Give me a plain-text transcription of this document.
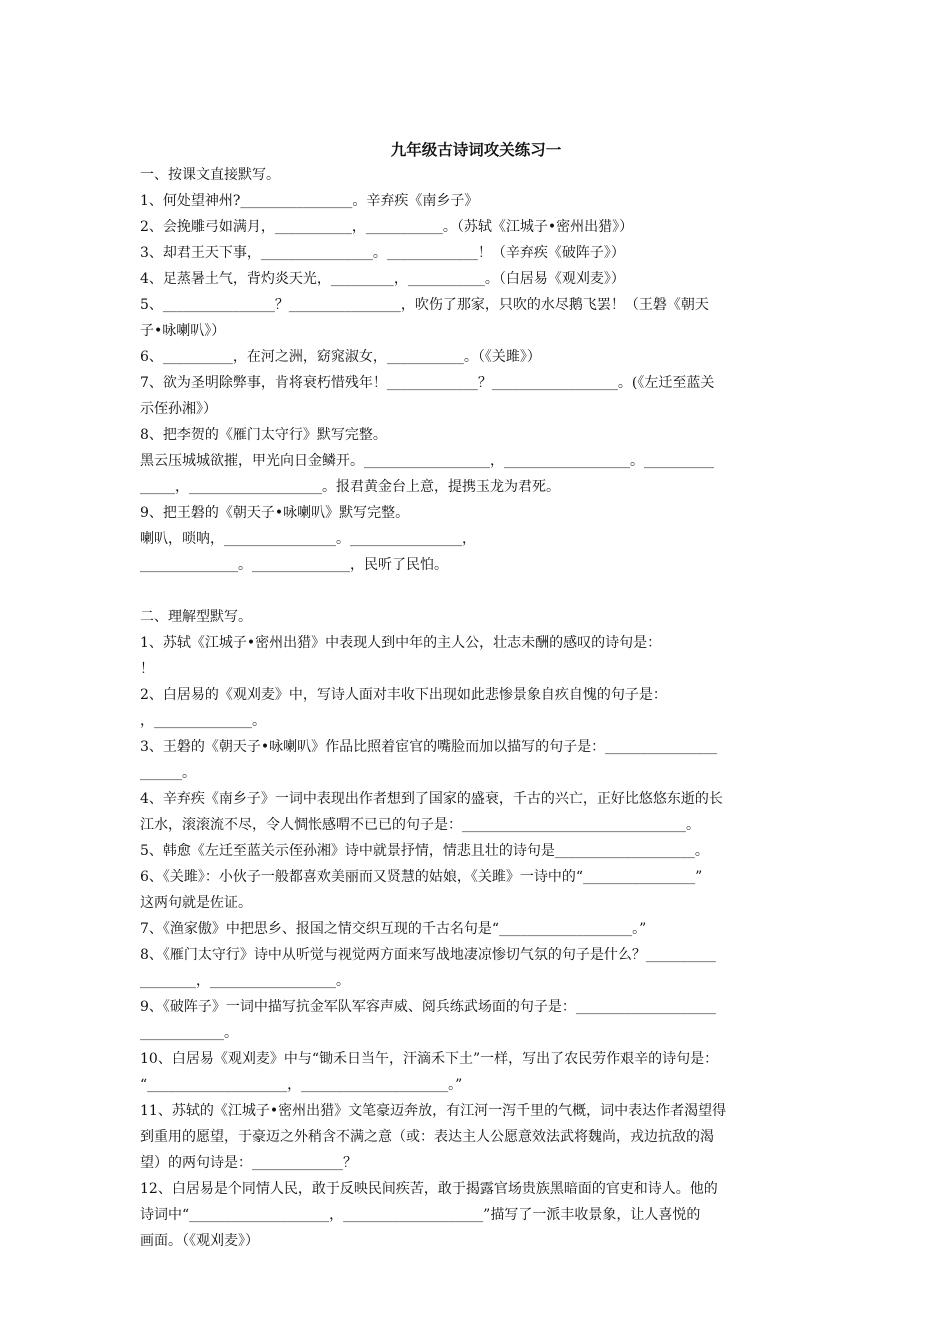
九年级古诗词攻关练习一

一、按课文直接默写。

1、何处望神州?________________。辛弃疾《南乡子》

2、会挽雕弓如满月，___________，___________。（苏轼《江城子•密州出猎》）

3、却君王天下事，________________。_____________！（辛弃疾《破阵子》）

4、足蒸暑土气，背灼炎天光，_________，___________。（白居易《观刈麦》）

5、________________？________________，吹伤了那家，只吹的水尽鹅飞罢！（王磐《朝天

子•咏喇叭》）

6、__________，在河之洲，窈窕淑女，___________。（《关雎》）

7、欲为圣明除弊事，肯将衰朽惜残年！_____________？__________________。(《左迁至蓝关

示侄孙湘》）

8、把李贺的《雁门太守行》默写完整。

黑云压城城欲摧，甲光向日金鳞开。__________________，__________________。__________

_____，___________________。报君黄金台上意，提携玉龙为君死。

9、把王磐的《朝天子•咏喇叭》默写完整。

喇叭，唢呐，________________。________________，

______________。______________，民听了民怕。

二、理解型默写。

1、苏轼《江城子•密州出猎》中表现人到中年的主人公，壮志未酬的感叹的诗句是：

！

2、白居易的《观刈麦》中，写诗人面对丰收下出现如此悲惨景象自疚自愧的句子是：

，______________。

3、王磐的《朝天子•咏喇叭》作品比照着宦官的嘴脸而加以描写的句子是：________________

______。

4、辛弃疾《南乡子》一词中表现出作者想到了国家的盛衰，千古的兴亡，正好比悠悠东逝的长

江水，滚滚流不尽，令人惆怅感喟不已已的句子是：________________________________。

5、韩愈《左迁至蓝关示侄孙湘》诗中就景抒情，情悲且壮的诗句是____________________。

6、《关雎》：小伙子一般都喜欢美丽而又贤慧的姑娘，《关雎》一诗中的“________________”

这两句就是佐证。

7、《渔家傲》中把思乡、报国之情交织互现的千古名句是“___________________。”

8、《雁门太守行》诗中从听觉与视觉两方面来写战地凄凉惨切气氛的句子是什么？__________

________，__________________。

9、《破阵子》一词中描写抗金军队军容声威、阅兵练武场面的句子是：____________________

____________。

10、白居易《观刈麦》中与“锄禾日当午，汗滴禾下土”一样，写出了农民劳作艰辛的诗句是：

“____________________，_____________________。”

11、苏轼的《江城子•密州出猎》文笔豪迈奔放，有江河一泻千里的气概，词中表达作者渴望得

到重用的愿望，于豪迈之外稍含不满之意（或：表达主人公愿意效法武将魏尚，戎边抗敌的渴

望）的两句诗是：_____________？

12、白居易是个同情人民，敢于反映民间疾苦，敢于揭露官场贵族黑暗面的官吏和诗人。他的

诗词中“____________________，____________________”描写了一派丰收景象，让人喜悦的

画面。（《观刈麦》）
